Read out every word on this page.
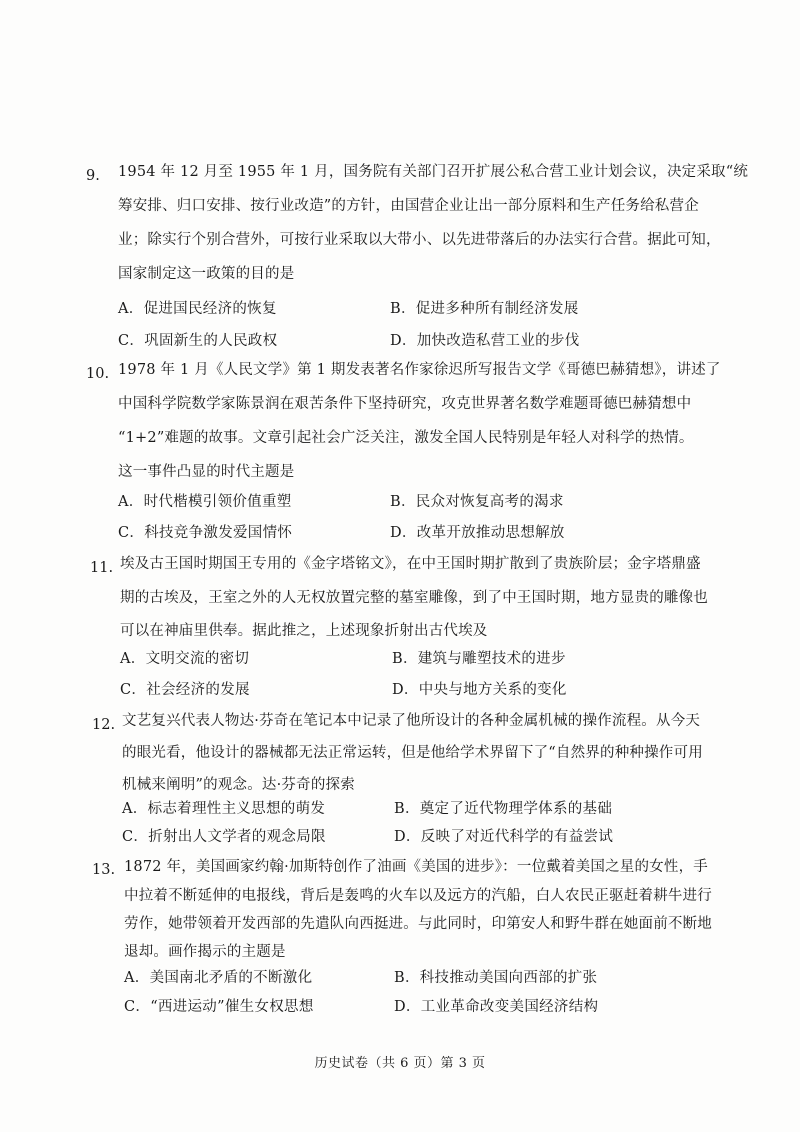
9. 1954 年 12 月至 1955 年 1 月，国务院有关部门召开扩展公私合营工业计划会议，决定采取“统
筹安排、归口安排、按行业改造”的方针，由国营企业让出一部分原料和生产任务给私营企
业；除实行个别合营外，可按行业采取以大带小、以先进带落后的办法实行合营。据此可知，
国家制定这一政策的目的是
A．促进国民经济的恢复	B．促进多种所有制经济发展
C．巩固新生的人民政权	D．加快改造私营工业的步伐
10. 1978 年 1 月《人民文学》第 1 期发表著名作家徐迟所写报告文学《哥德巴赫猜想》，讲述了
中国科学院数学家陈景润在艰苦条件下坚持研究，攻克世界著名数学难题哥德巴赫猜想中
“1+2”难题的故事。文章引起社会广泛关注，激发全国人民特别是年轻人对科学的热情。
这一事件凸显的时代主题是
A．时代楷模引领价值重塑	B．民众对恢复高考的渴求
C．科技竞争激发爱国情怀	D．改革开放推动思想解放
11. 埃及古王国时期国王专用的《金字塔铭文》，在中王国时期扩散到了贵族阶层；金字塔鼎盛
期的古埃及，王室之外的人无权放置完整的墓室雕像，到了中王国时期，地方显贵的雕像也
可以在神庙里供奉。据此推之，上述现象折射出古代埃及
A．文明交流的密切	B．建筑与雕塑技术的进步
C．社会经济的发展	D．中央与地方关系的变化
12. 文艺复兴代表人物达·芬奇在笔记本中记录了他所设计的各种金属机械的操作流程。从今天
的眼光看，他设计的器械都无法正常运转，但是他给学术界留下了“自然界的种种操作可用
机械来阐明”的观念。达·芬奇的探索
A．标志着理性主义思想的萌发	B．奠定了近代物理学体系的基础
C．折射出人文学者的观念局限	D．反映了对近代科学的有益尝试
13. 1872 年，美国画家约翰·加斯特创作了油画《美国的进步》：一位戴着美国之星的女性，手
中拉着不断延伸的电报线，背后是轰鸣的火车以及远方的汽船，白人农民正驱赶着耕牛进行
劳作，她带领着开发西部的先遣队向西挺进。与此同时，印第安人和野牛群在她面前不断地
退却。画作揭示的主题是
A．美国南北矛盾的不断激化	B．科技推动美国向西部的扩张
C．“西进运动”催生女权思想	D．工业革命改变美国经济结构
历史试卷（共 6 页）第 3 页
